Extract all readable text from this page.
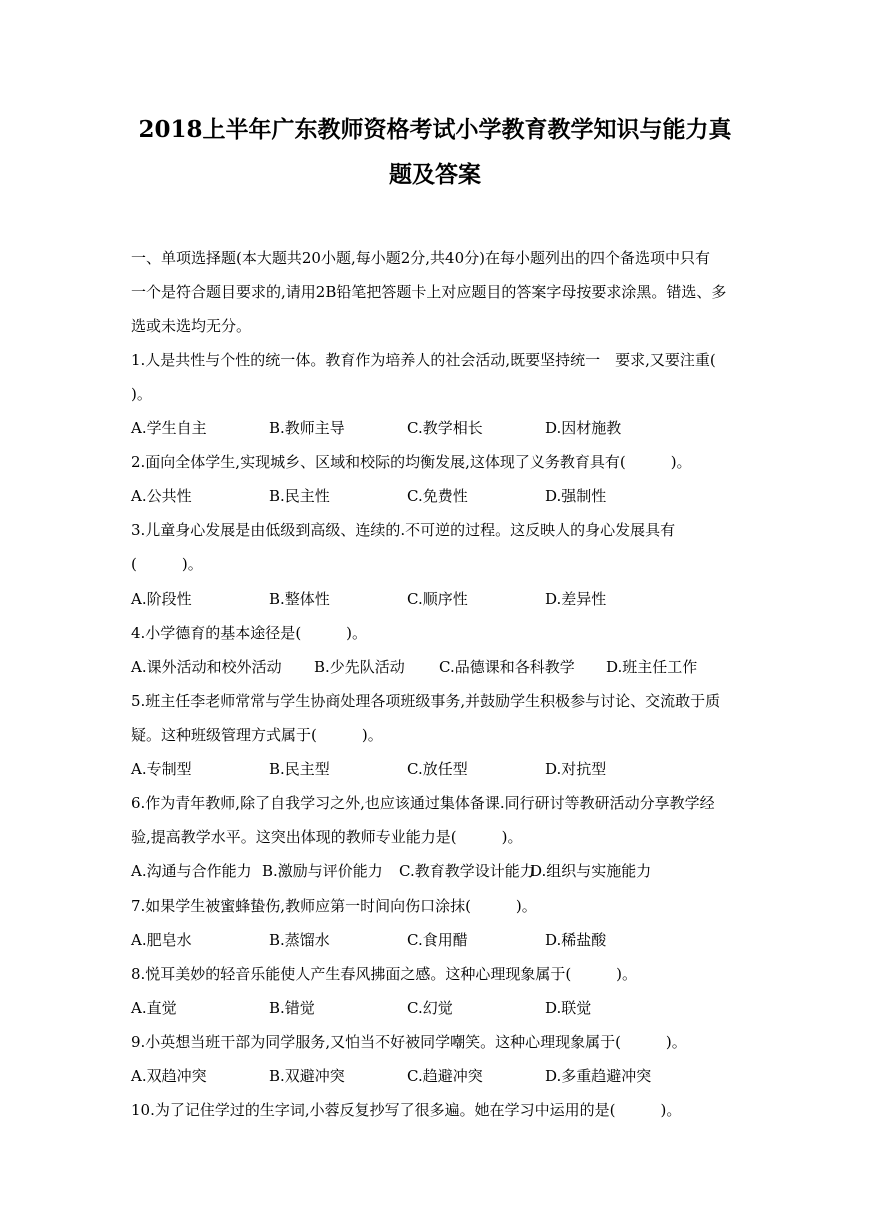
2018上半年广东教师资格考试小学教育教学知识与能力真
题及答案
一、单项选择题(本大题共20小题,每小题2分,共40分)在每小题列出的四个备选项中只有
一个是符合题目要求的,请用2B铅笔把答题卡上对应题目的答案字母按要求涂黑。错选、多
选或未选均无分。
1.人是共性与个性的统一体。教育作为培养人的社会活动,既要坚持统一　要求,又要注重(
)。
A.学生自主	B.教师主导	C.教学相长	D.因材施教
2.面向全体学生,实现城乡、区域和校际的均衡发展,这体现了义务教育具有(　　　)。
A.公共性	B.民主性	C.免费性	D.强制性
3.儿童身心发展是由低级到高级、连续的.不可逆的过程。这反映人的身心发展具有
(　　　)。
A.阶段性	B.整体性	C.顺序性	D.差异性
4.小学德育的基本途径是(　　　)。
A.课外活动和校外活动 B.少先队活动 C.品德课和各科教学 D.班主任工作
5.班主任李老师常常与学生协商处理各项班级事务,并鼓励学生积极参与讨论、交流敢于质
疑。这种班级管理方式属于(　　　)。
A.专制型	B.民主型	C.放任型	D.对抗型
6.作为青年教师,除了自我学习之外,也应该通过集体备课.同行研讨等教研活动分享教学经
验,提高教学水平。这突出体现的教师专业能力是(　　　)。
A.沟通与合作能力 B.激励与评价能力 C.教育教学设计能力
D.组织与实施能力
7.如果学生被蜜蜂蛰伤,教师应第一时间向伤口涂抹(　　　)。
A.肥皂水	B.蒸馏水	C.食用醋	D.稀盐酸
8.悦耳美妙的轻音乐能使人产生春风拂面之感。这种心理现象属于(　　　)。
A.直觉	B.错觉	C.幻觉	D.联觉
9.小英想当班干部为同学服务,又怕当不好被同学嘲笑。这种心理现象属于(　　　)。
A.双趋冲突	B.双避冲突	C.趋避冲突	D.多重趋避冲突
10.为了记住学过的生字词,小蓉反复抄写了很多遍。她在学习中运用的是(　　　)。
